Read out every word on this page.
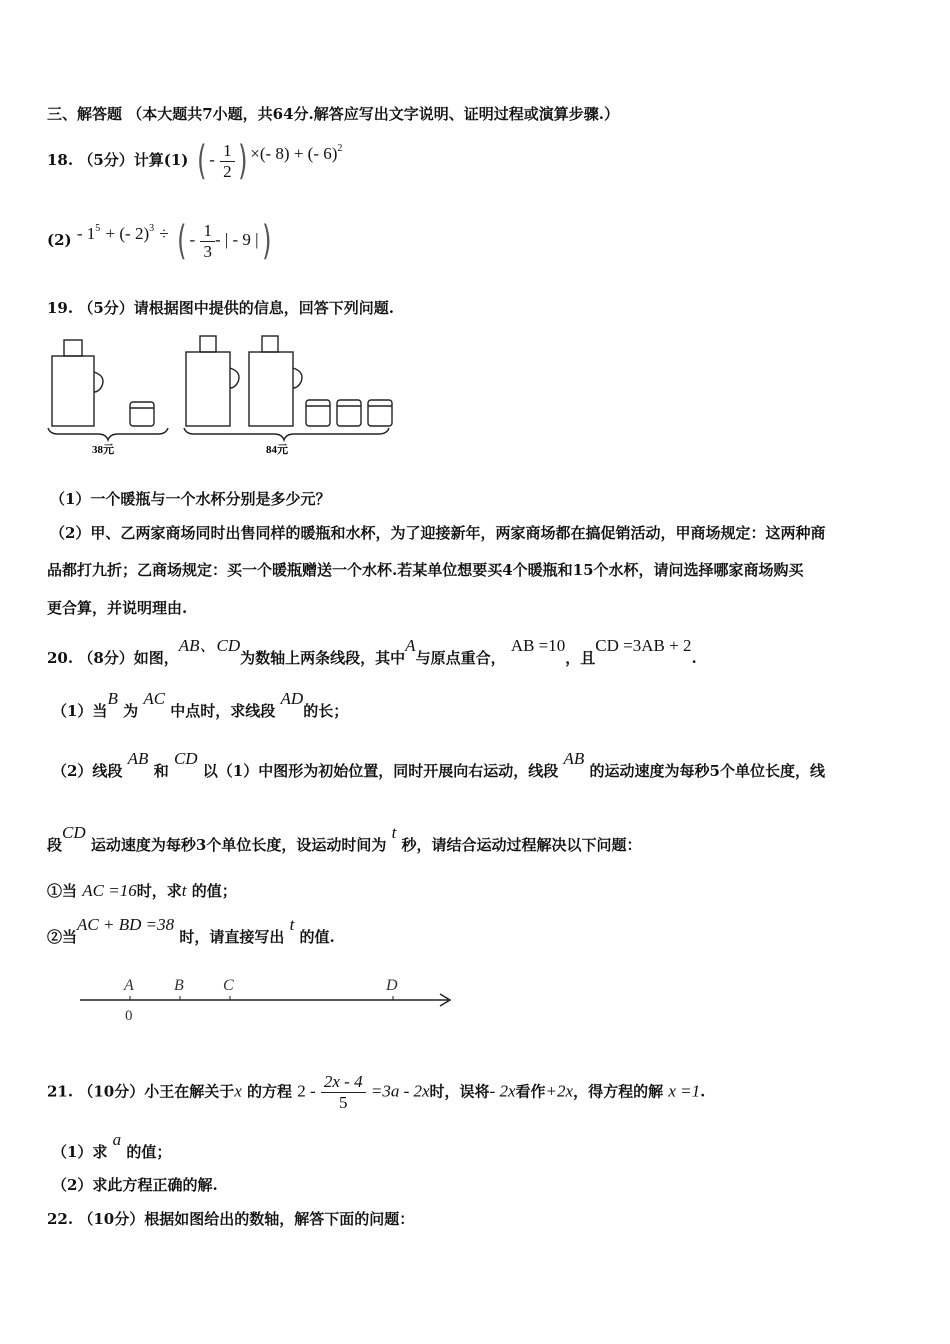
三、解答题 （本大题共7小题，共64分.解答应写出文字说明、证明过程或演算步骤.）
18. （5分）计算(1) ( - $\frac{1}{2}$ ) ×(- 8) + (- 6)$^2$
$(2) - 1^5$ + (- 2)$^3$ ÷ ( - $\frac{1}{3}$ - | - 9 |)
19. （5分）请根据图中提供的信息，回答下列问题.
38元	84元
（1）一个暖瓶与一个水杯分别是多少元？
（2）甲、乙两家商场同时出售同样的暖瓶和水杯，为了迎接新年，两家商场都在搞促销活动，甲商场规定：这两种商
品都打九折；乙商场规定：买一个暖瓶赠送一个水杯.若某单位想要买4个暖瓶和15个水杯，请问选择哪家商场购买
更合算，并说明理由.
20. （8分）如图，AB、CD为数轴上两条线段，其中A与原点重合， AB =10，且CD =3AB + 2.
（1）当B 为 AC 中点时，求线段 AD的长；
（2）线段 AB 和 CD 以（1）中图形为初始位置，同时开展向右运动，线段 AB 的运动速度为每秒5个单位长度，线
段CD 运动速度为每秒3个单位长度，设运动时间为 t 秒，请结合运动过程解决以下问题：
①当 AC =16时，求t 的值；
②当AC + BD =38 时，请直接写出 t 的值.
A	B C	D
0
21. （10分）小王在解关于x 的方程 $2 - \frac{2x - 4}{5} =3a - 2x$时，误将- 2x看作+2x，得方程的解 x =1.
（1）求 a 的值；
（2）求此方程正确的解.
22. （10分）根据如图给出的数轴，解答下面的问题：
